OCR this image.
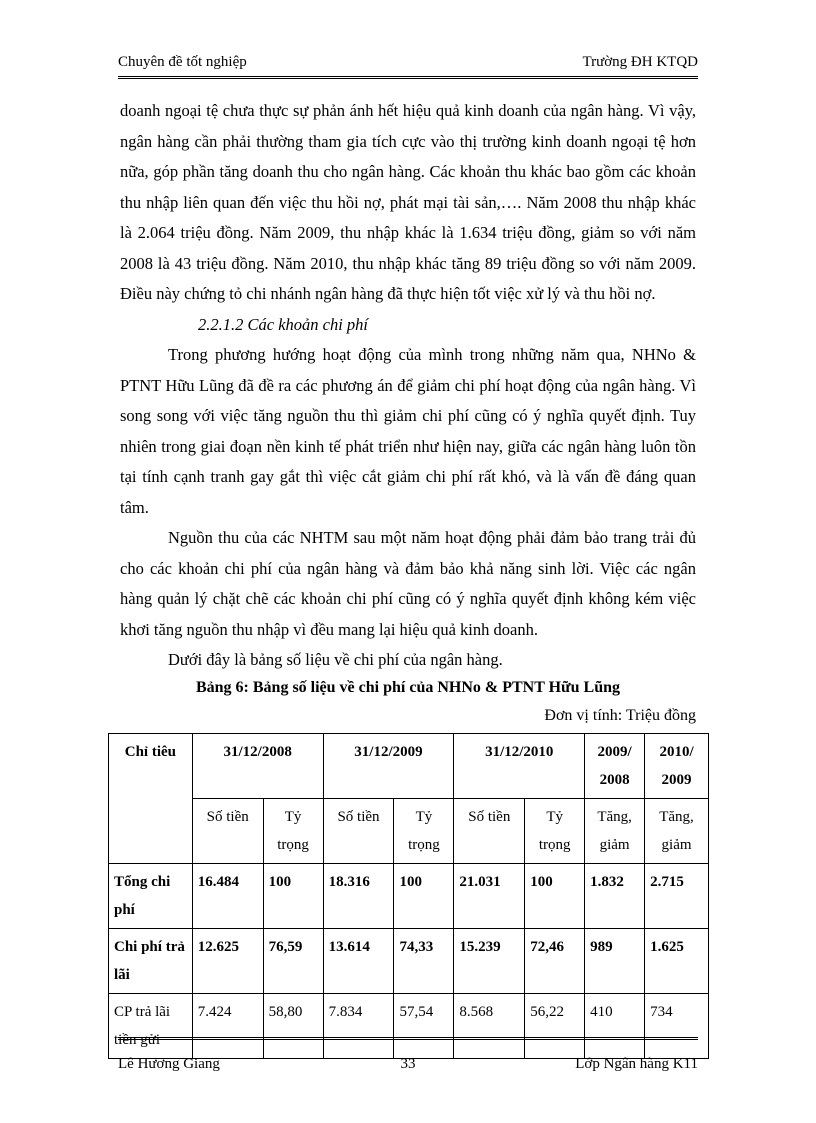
Chuyên đề tốt nghiệp	Trường ĐH KTQD

doanh ngoại tệ chưa thực sự phản ánh hết hiệu quả kinh doanh của ngân hàng. Vì vậy, ngân hàng cần phải thường tham gia tích cực vào thị trường kinh doanh ngoại tệ hơn nữa, góp phần tăng doanh thu cho ngân hàng. Các khoản thu khác bao gồm các khoản thu nhập liên quan đến việc thu hồi nợ, phát mại tài sản,…. Năm 2008 thu nhập khác là 2.064 triệu đồng. Năm 2009, thu nhập khác là 1.634 triệu đồng, giảm so với năm 2008 là 43 triệu đồng. Năm 2010, thu nhập khác tăng 89 triệu đồng so với năm 2009. Điều này chứng tỏ chi nhánh ngân hàng đã thực hiện tốt việc xử lý và thu hồi nợ.

2.2.1.2 Các khoản chi phí

Trong phương hướng hoạt động của mình trong những năm qua, NHNo & PTNT Hữu Lũng đã đề ra các phương án để giảm chi phí hoạt động của ngân hàng. Vì song song với việc tăng nguồn thu thì giảm chi phí cũng có ý nghĩa quyết định. Tuy nhiên trong giai đoạn nền kinh tế phát triển như hiện nay, giữa các ngân hàng luôn tồn tại tính cạnh tranh gay gắt thì việc cắt giảm chi phí rất khó, và là vấn đề đáng quan tâm.

Nguồn thu của các NHTM sau một năm hoạt động phải đảm bảo trang trải đủ cho các khoản chi phí của ngân hàng và đảm bảo khả năng sinh lời. Việc các ngân hàng quản lý chặt chẽ các khoản chi phí cũng có ý nghĩa quyết định không kém việc khơi tăng nguồn thu nhập vì đều mang lại hiệu quả kinh doanh.

Dưới đây là bảng số liệu về chi phí của ngân hàng.

Bảng 6: Bảng số liệu về chi phí của NHNo & PTNT Hữu Lũng
Đơn vị tính: Triệu đồng
Chỉ tiêu	31/12/2008		31/12/2009		31/12/2010		2009/ 2008	2010/ 2009
	Số tiền	Tỷ trọng	Số tiền	Tỷ trọng	Số tiền	Tỷ trọng	Tăng, giảm	Tăng, giảm
Tổng chi phí	16.484	100	18.316	100	21.031	100	1.832	2.715
Chi phí trả lãi	12.625	76,59	13.614	74,33	15.239	72,46	989	1.625
CP trả lãi tiền gửi	7.424	58,80	7.834	57,54	8.568	56,22	410	734
Lê Hương Giang	33	Lớp Ngân hàng K11
